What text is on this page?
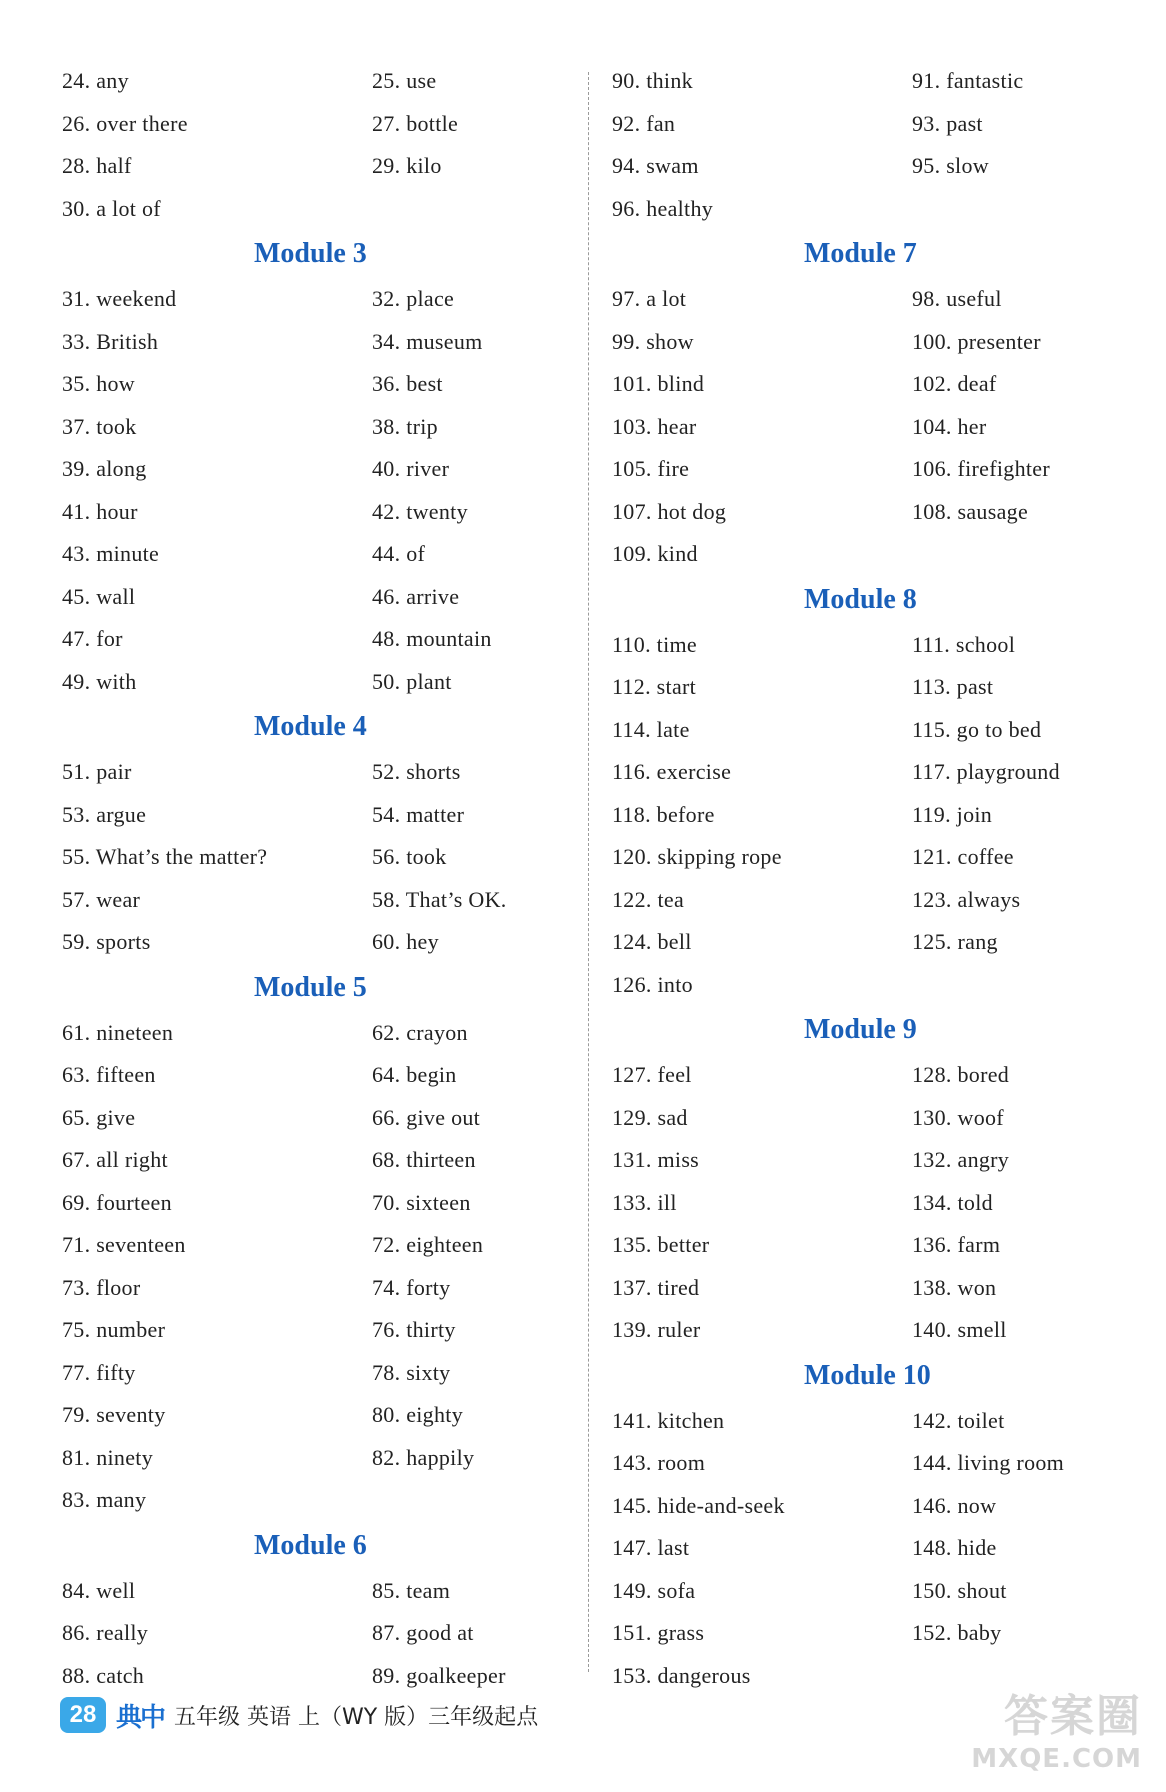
24. any	25. use
26. over there	27. bottle
28. half	29. kilo
30. a lot of
Module 3
31. weekend	32. place
33. British	34. museum
35. how	36. best
37. took	38. trip
39. along	40. river
41. hour	42. twenty
43. minute	44. of
45. wall	46. arrive
47. for	48. mountain
49. with	50. plant
Module 4
51. pair	52. shorts
53. argue	54. matter
55. What’s the matter?	56. took
57. wear	58. That’s OK.
59. sports	60. hey
Module 5
61. nineteen	62. crayon
63. fifteen	64. begin
65. give	66. give out
67. all right	68. thirteen
69. fourteen	70. sixteen
71. seventeen	72. eighteen
73. floor	74. forty
75. number	76. thirty
77. fifty	78. sixty
79. seventy	80. eighty
81. ninety	82. happily
83. many
Module 6
84. well	85. team
86. really	87. good at
88. catch	89. goalkeeper
90. think	91. fantastic
92. fan	93. past
94. swam	95. slow
96. healthy
Module 7
97. a lot	98. useful
99. show	100. presenter
101. blind	102. deaf
103. hear	104. her
105. fire	106. firefighter
107. hot dog	108. sausage
109. kind
Module 8
110. time	111. school
112. start	113. past
114. late	115. go to bed
116. exercise	117. playground
118. before	119. join
120. skipping rope	121. coffee
122. tea	123. always
124. bell	125. rang
126. into
Module 9
127. feel	128. bored
129. sad	130. woof
131. miss	132. angry
133. ill	134. told
135. better	136. farm
137. tired	138. won
139. ruler	140. smell
Module 10
141. kitchen	142. toilet
143. room	144. living room
145. hide-and-seek	146. now
147. last	148. hide
149. sofa	150. shout
151. grass	152. baby
153. dangerous
28 典中 五年级 英语 上（WY 版）三年级起点	答案圈
MXQE.COM
